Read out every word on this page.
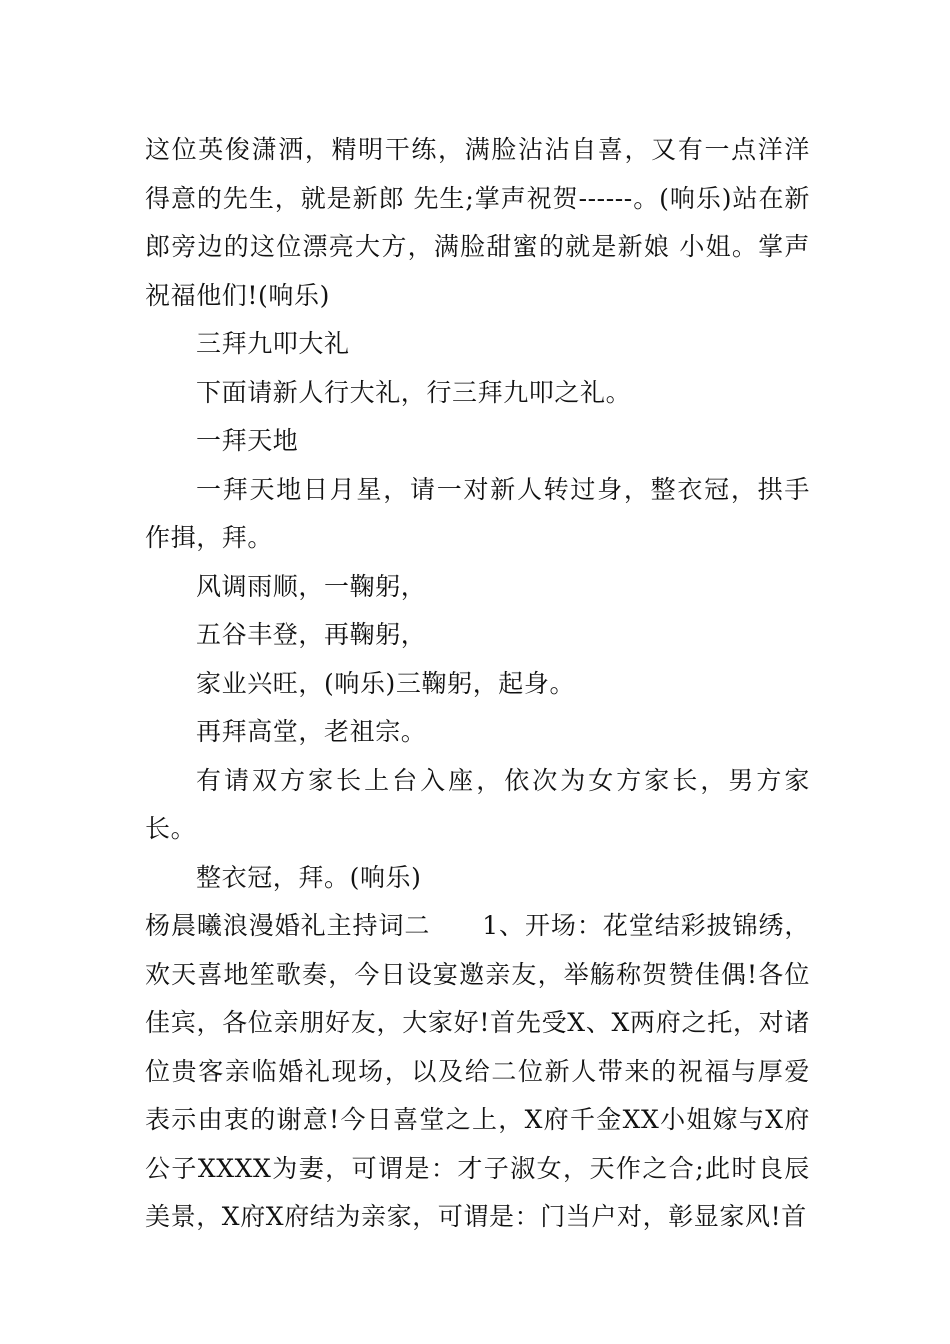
这位英俊潇洒，精明干练，满脸沾沾自喜，又有一点洋洋得意的先生，就是新郎 先生;掌声祝贺------。(响乐)站在新郎旁边的这位漂亮大方，满脸甜蜜的就是新娘 小姐。掌声祝福他们!(响乐)

三拜九叩大礼

下面请新人行大礼，行三拜九叩之礼。

一拜天地

一拜天地日月星，请一对新人转过身，整衣冠，拱手作揖，拜。

风调雨顺，一鞠躬，

五谷丰登，再鞠躬，

家业兴旺，(响乐)三鞠躬，起身。

再拜高堂，老祖宗。

有请双方家长上台入座，依次为女方家长，男方家长。

整衣冠，拜。(响乐)

杨晨曦浪漫婚礼主持词二　　1、开场：花堂结彩披锦绣，欢天喜地笙歌奏，今日设宴邀亲友，举觞称贺赞佳偶!各位佳宾，各位亲朋好友，大家好!首先受X、X两府之托，对诸位贵客亲临婚礼现场，以及给二位新人带来的祝福与厚爱表示由衷的谢意!今日喜堂之上，X府千金XX小姐嫁与X府公子XXXX为妻，可谓是：才子淑女，天作之合;此时良辰美景，X府X府结为亲家，可谓是：门当户对，彰显家风!首
